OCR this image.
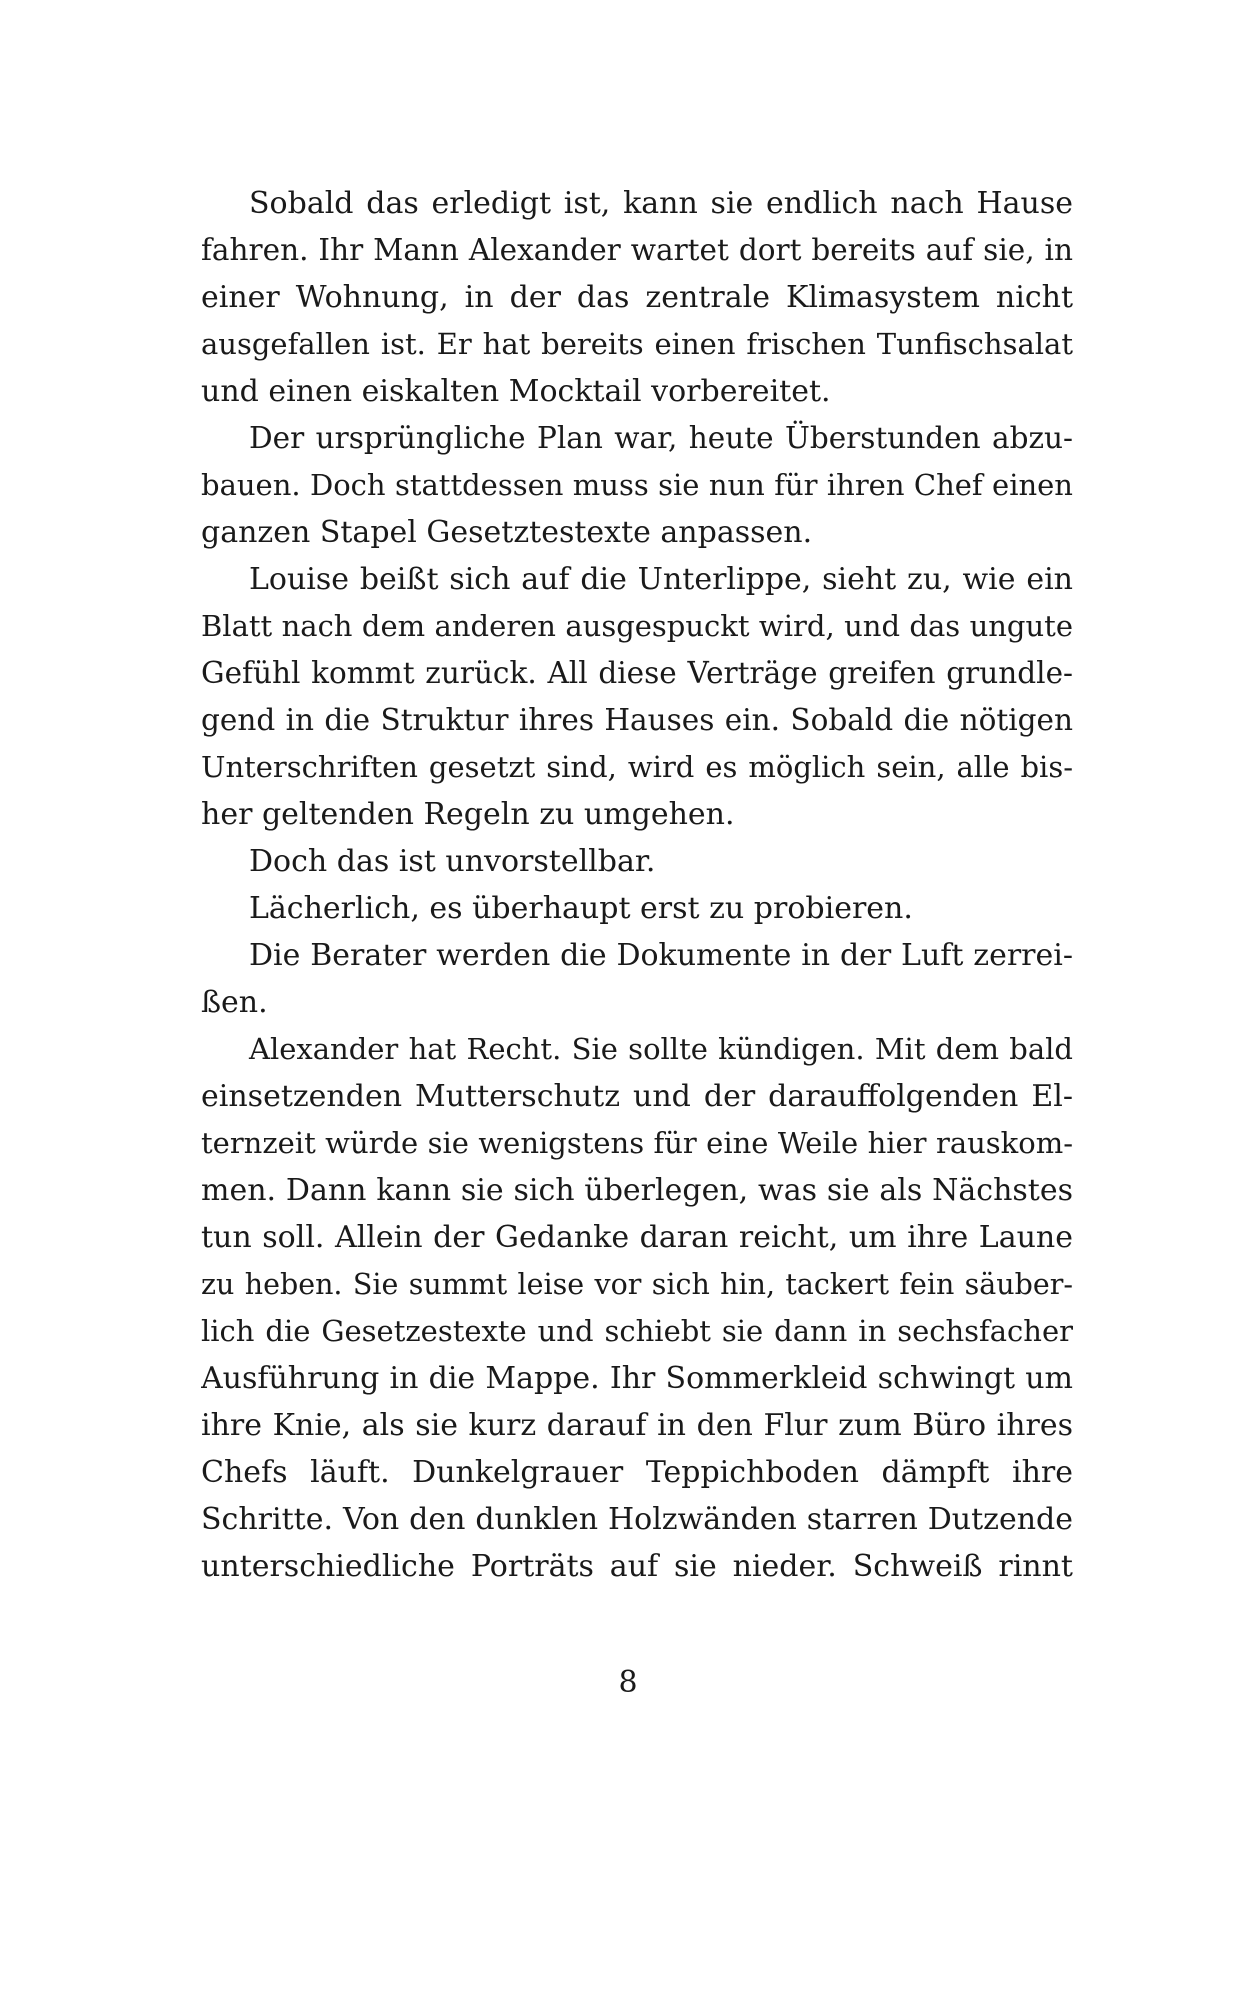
Sobald das erledigt ist, kann sie endlich nach Hause
fahren. Ihr Mann Alexander wartet dort bereits auf sie, in
einer Wohnung, in der das zentrale Klimasystem nicht
ausgefallen ist. Er hat bereits einen frischen Tunfischsalat
und einen eiskalten Mocktail vorbereitet.
Der ursprüngliche Plan war, heute Überstunden abzu-
bauen. Doch stattdessen muss sie nun für ihren Chef einen
ganzen Stapel Gesetztestexte anpassen.
Louise beißt sich auf die Unterlippe, sieht zu, wie ein
Blatt nach dem anderen ausgespuckt wird, und das ungute
Gefühl kommt zurück. All diese Verträge greifen grundle-
gend in die Struktur ihres Hauses ein. Sobald die nötigen
Unterschriften gesetzt sind, wird es möglich sein, alle bis-
her geltenden Regeln zu umgehen.
Doch das ist unvorstellbar.
Lächerlich, es überhaupt erst zu probieren.
Die Berater werden die Dokumente in der Luft zerrei-
ßen.
Alexander hat Recht. Sie sollte kündigen. Mit dem bald
einsetzenden Mutterschutz und der darauffolgenden El-
ternzeit würde sie wenigstens für eine Weile hier rauskom-
men. Dann kann sie sich überlegen, was sie als Nächstes
tun soll. Allein der Gedanke daran reicht, um ihre Laune
zu heben. Sie summt leise vor sich hin, tackert fein säuber-
lich die Gesetzestexte und schiebt sie dann in sechsfacher
Ausführung in die Mappe. Ihr Sommerkleid schwingt um
ihre Knie, als sie kurz darauf in den Flur zum Büro ihres
Chefs läuft. Dunkelgrauer Teppichboden dämpft ihre
Schritte. Von den dunklen Holzwänden starren Dutzende
unterschiedliche Porträts auf sie nieder. Schweiß rinnt
8
